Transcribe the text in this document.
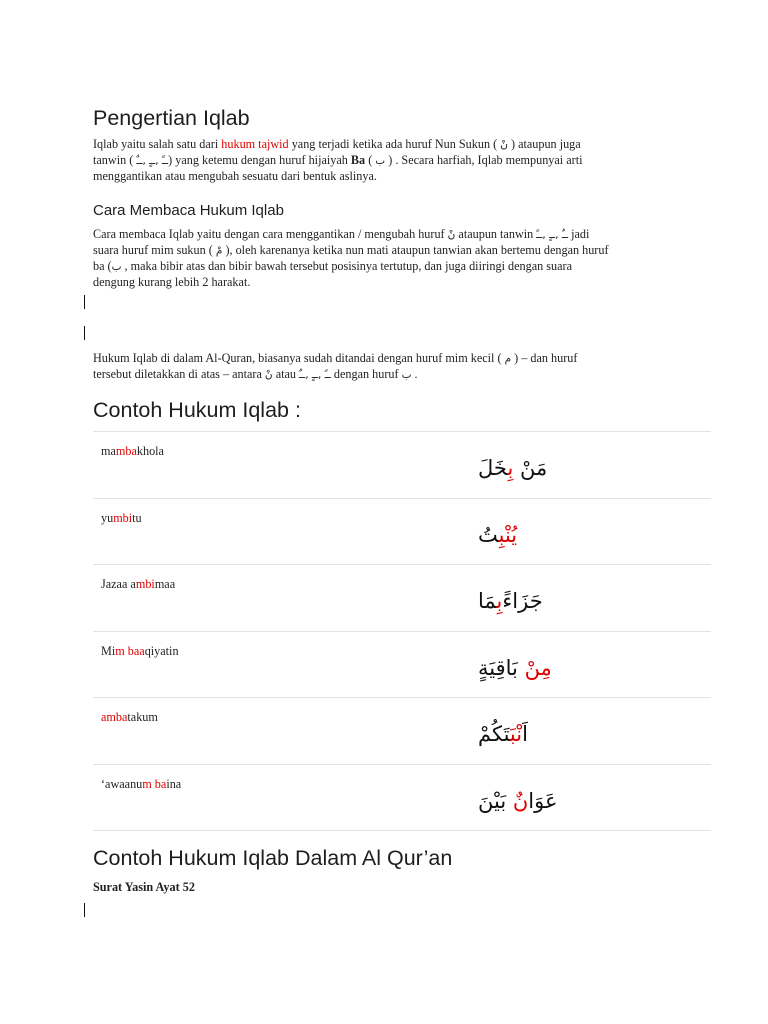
Pengertian Iqlab

Iqlab yaitu salah satu dari hukum tajwid yang terjadi ketika ada huruf Nun Sukun ( نْ ) ataupun juga

tanwin ( ــً ,ــٍ ,ــٌ) yang ketemu dengan huruf hijaiyah Ba ( ب ) . Secara harfiah, Iqlab mempunyai arti

menggantikan atau mengubah sesuatu dari bentuk aslinya.

Cara Membaca Hukum Iqlab

Cara membaca Iqlab yaitu dengan cara menggantikan / mengubah huruf نْ ataupun tanwin ــٌ ,ــٍ ,ــً jadi

suara huruf mim sukun ( مْ ), oleh karenanya ketika nun mati ataupun tanwian akan bertemu dengan huruf

ba (ب , maka bibir atas dan bibir bawah tersebut posisinya tertutup, dan juga diiringi dengan suara

dengung kurang lebih 2 harakat.

Hukum Iqlab di dalam Al-Quran, biasanya sudah ditandai dengan huruf mim kecil ( م ) – dan huruf

tersebut diletakkan di atas – antara نْ atau ــً ,ــٍ ,ــٌ dengan huruf ب .

Contoh Hukum Iqlab :
mambakhola
مَنْ بِخَلَ
yumbitu
يُنْبِتُ
Jazaa ambimaa
جَزَاءًبِمَا
Mim baaqiyatin
مِنْ بَاقِيَةٍ
ambatakum
اَنْبَتَكُمْ
‘awaanum baina
عَوَانٌ بَيْنَ
Contoh Hukum Iqlab Dalam Al Qur’an

Surat Yasin Ayat 52
